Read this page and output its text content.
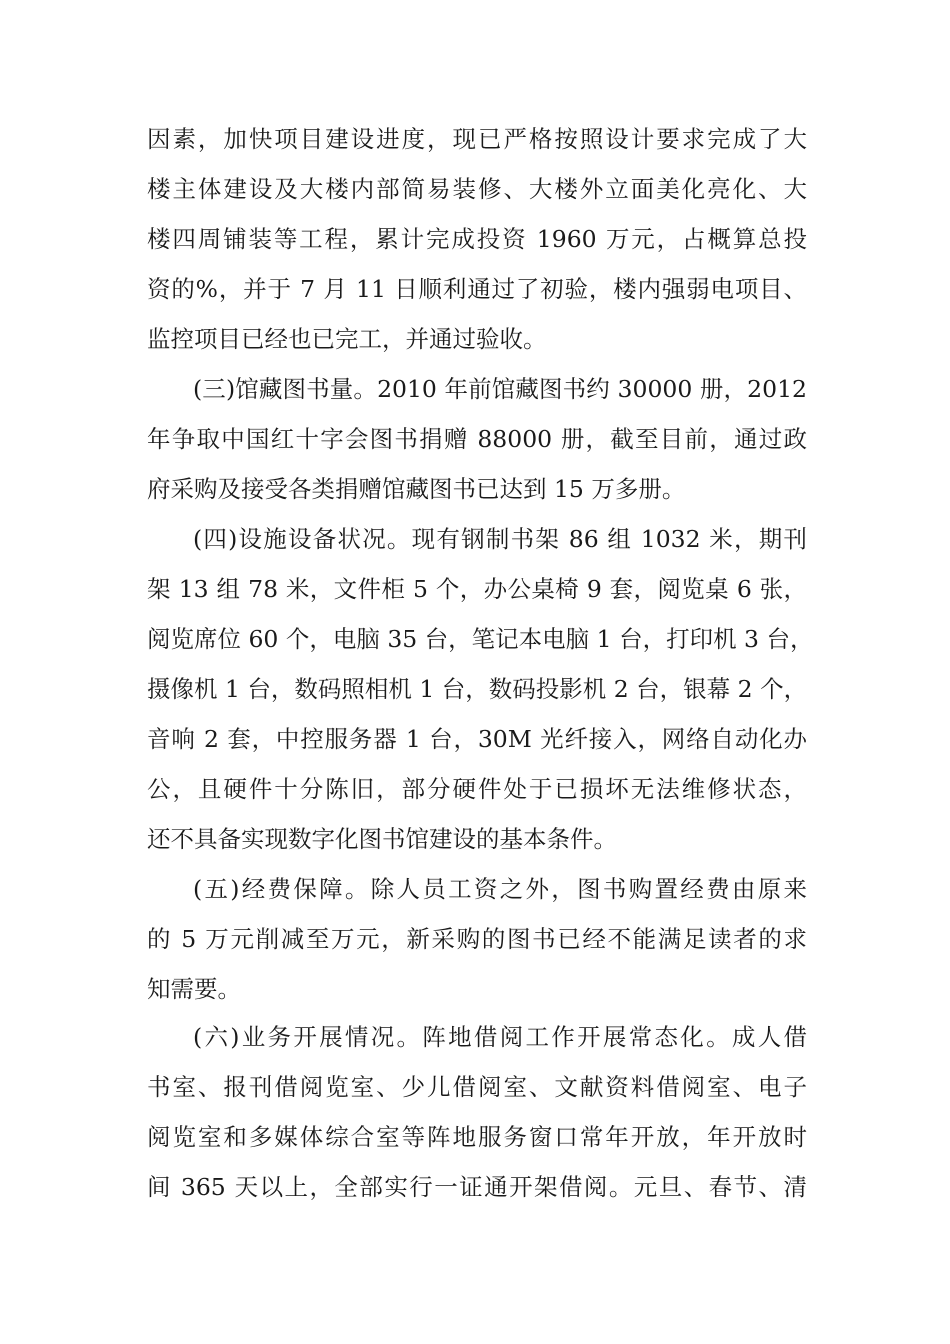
因素，加快项目建设进度，现已严格按照设计要求完成了大
楼主体建设及大楼内部简易装修、大楼外立面美化亮化、大
楼四周铺装等工程，累计完成投资 1960 万元，占概算总投
资的%，并于 7 月 11 日顺利通过了初验，楼内强弱电项目、
监控项目已经也已完工，并通过验收。
(三)馆藏图书量。2010 年前馆藏图书约 30000 册，2012
年争取中国红十字会图书捐赠 88000 册，截至目前，通过政
府采购及接受各类捐赠馆藏图书已达到 15 万多册。
(四)设施设备状况。现有钢制书架 86 组 1032 米，期刊
架 13 组 78 米，文件柜 5 个，办公桌椅 9 套，阅览桌 6 张，
阅览席位 60 个，电脑 35 台，笔记本电脑 1 台，打印机 3 台，
摄像机 1 台，数码照相机 1 台，数码投影机 2 台，银幕 2 个，
音响 2 套，中控服务器 1 台，30M 光纤接入，网络自动化办
公，且硬件十分陈旧，部分硬件处于已损坏无法维修状态，
还不具备实现数字化图书馆建设的基本条件。
(五)经费保障。除人员工资之外，图书购置经费由原来
的 5 万元削减至万元，新采购的图书已经不能满足读者的求
知需要。
(六)业务开展情况。阵地借阅工作开展常态化。成人借
书室、报刊借阅览室、少儿借阅室、文献资料借阅室、电子
阅览室和多媒体综合室等阵地服务窗口常年开放，年开放时
间 365 天以上，全部实行一证通开架借阅。元旦、春节、清
